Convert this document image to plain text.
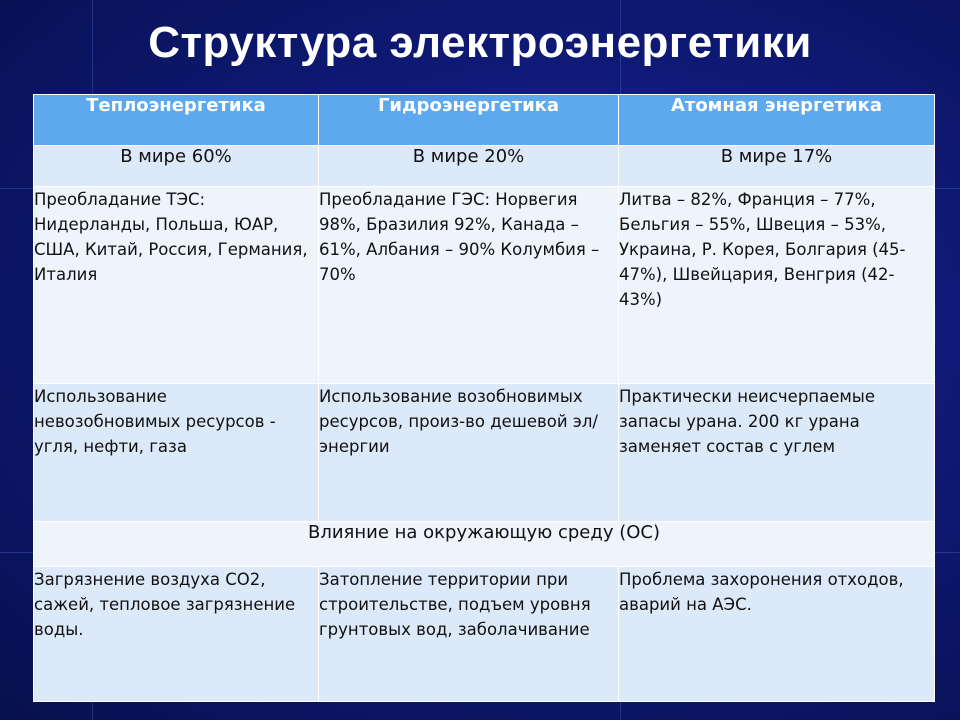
Структура электроэнергетики
Теплоэнергетика	Гидроэнергетика	Атомная энергетика
В мире 60%	В мире 20%	В мире 17%
Преобладание ТЭС: Нидерланды, Польша, ЮАР, США, Китай, Россия, Германия, Италия	Преобладание ГЭС: Норвегия 98%, Бразилия 92%, Канада – 61%, Албания – 90% Колумбия – 70%	Литва – 82%, Франция – 77%, Бельгия – 55%, Швеция – 53%, Украина, Р. Корея, Болгария (45-47%), Швейцария, Венгрия (42-43%)
Использование невозобновимых ресурсов - угля, нефти, газа	Использование возобновимых ресурсов, произ-во дешевой эл/энергии	Практически неисчерпаемые запасы урана. 200 кг урана заменяет состав с углем
Влияние на окружающую среду (ОС)		
Загрязнение воздуха CO2, сажей, тепловое загрязнение воды.	Затопление территории при строительстве, подъем уровня грунтовых вод, заболачивание	Проблема захоронения отходов, аварий на АЭС.
